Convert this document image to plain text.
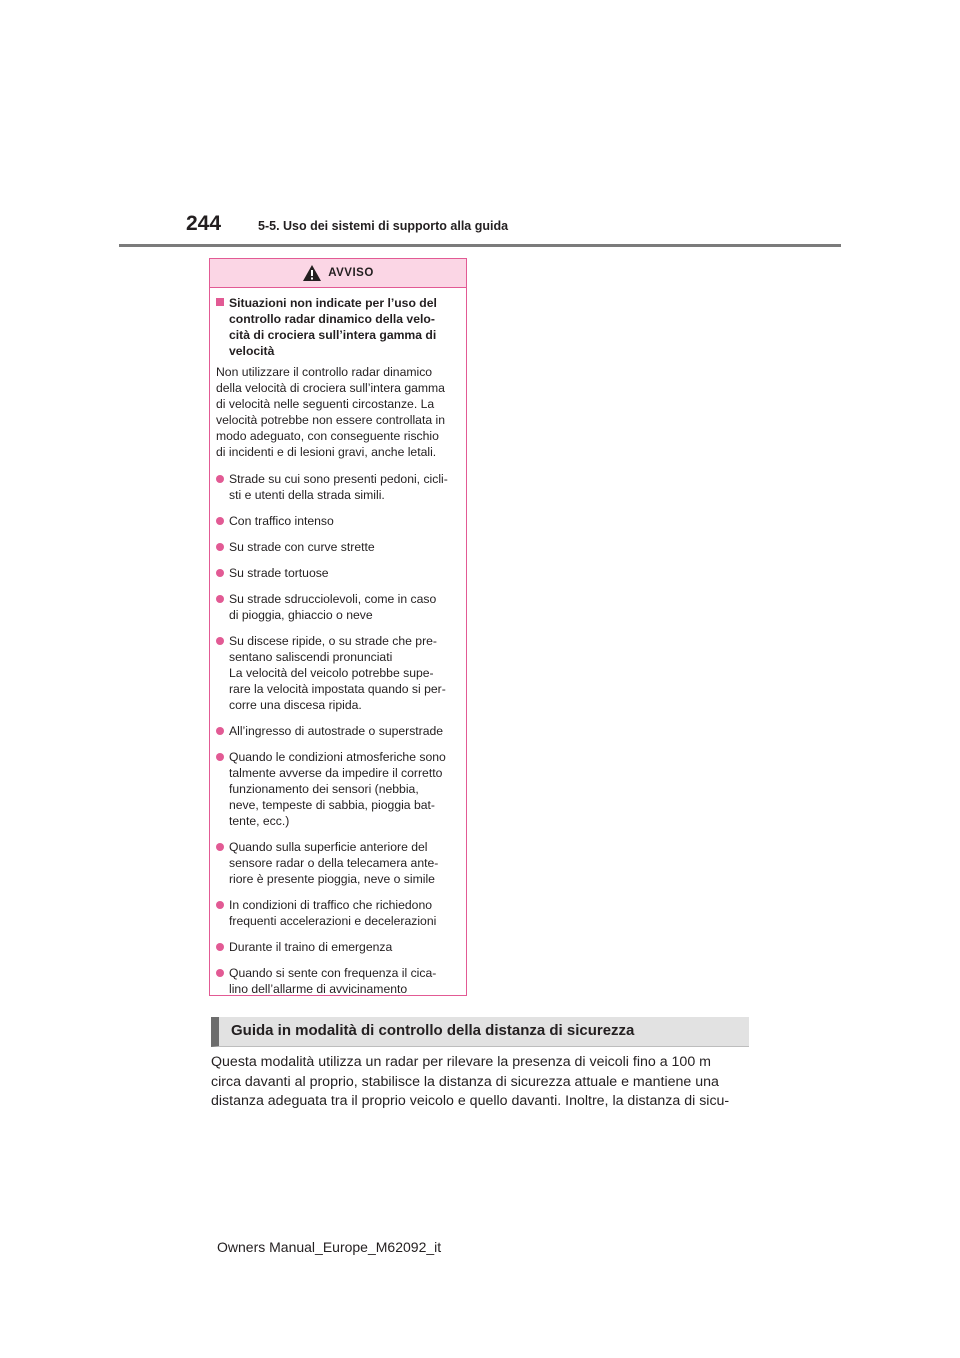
244	5-5. Uso dei sistemi di supporto alla guida
AVVISO
Situazioni non indicate per l’uso del
controllo radar dinamico della velo-
cità di crociera sull’intera gamma di
velocità
Non utilizzare il controllo radar dinamico
della velocità di crociera sull’intera gamma
di velocità nelle seguenti circostanze. La
velocità potrebbe non essere controllata in
modo adeguato, con conseguente rischio
di incidenti e di lesioni gravi, anche letali.
Strade su cui sono presenti pedoni, cicli-
sti e utenti della strada simili.
Con traffico intenso
Su strade con curve strette
Su strade tortuose
Su strade sdrucciolevoli, come in caso
di pioggia, ghiaccio o neve
Su discese ripide, o su strade che pre-
sentano saliscendi pronunciati
La velocità del veicolo potrebbe supe-
rare la velocità impostata quando si per-
corre una discesa ripida.
All’ingresso di autostrade o superstrade
Quando le condizioni atmosferiche sono
talmente avverse da impedire il corretto
funzionamento dei sensori (nebbia,
neve, tempeste di sabbia, pioggia bat-
tente, ecc.)
Quando sulla superficie anteriore del
sensore radar o della telecamera ante-
riore è presente pioggia, neve o simile
In condizioni di traffico che richiedono
frequenti accelerazioni e decelerazioni
Durante il traino di emergenza
Quando si sente con frequenza il cica-
lino dell’allarme di avvicinamento
Guida in modalità di controllo della distanza di sicurezza
Questa modalità utilizza un radar per rilevare la presenza di veicoli fino a 100 m
circa davanti al proprio, stabilisce la distanza di sicurezza attuale e mantiene una
distanza adeguata tra il proprio veicolo e quello davanti. Inoltre, la distanza di sicu-
Owners Manual_Europe_M62092_it
